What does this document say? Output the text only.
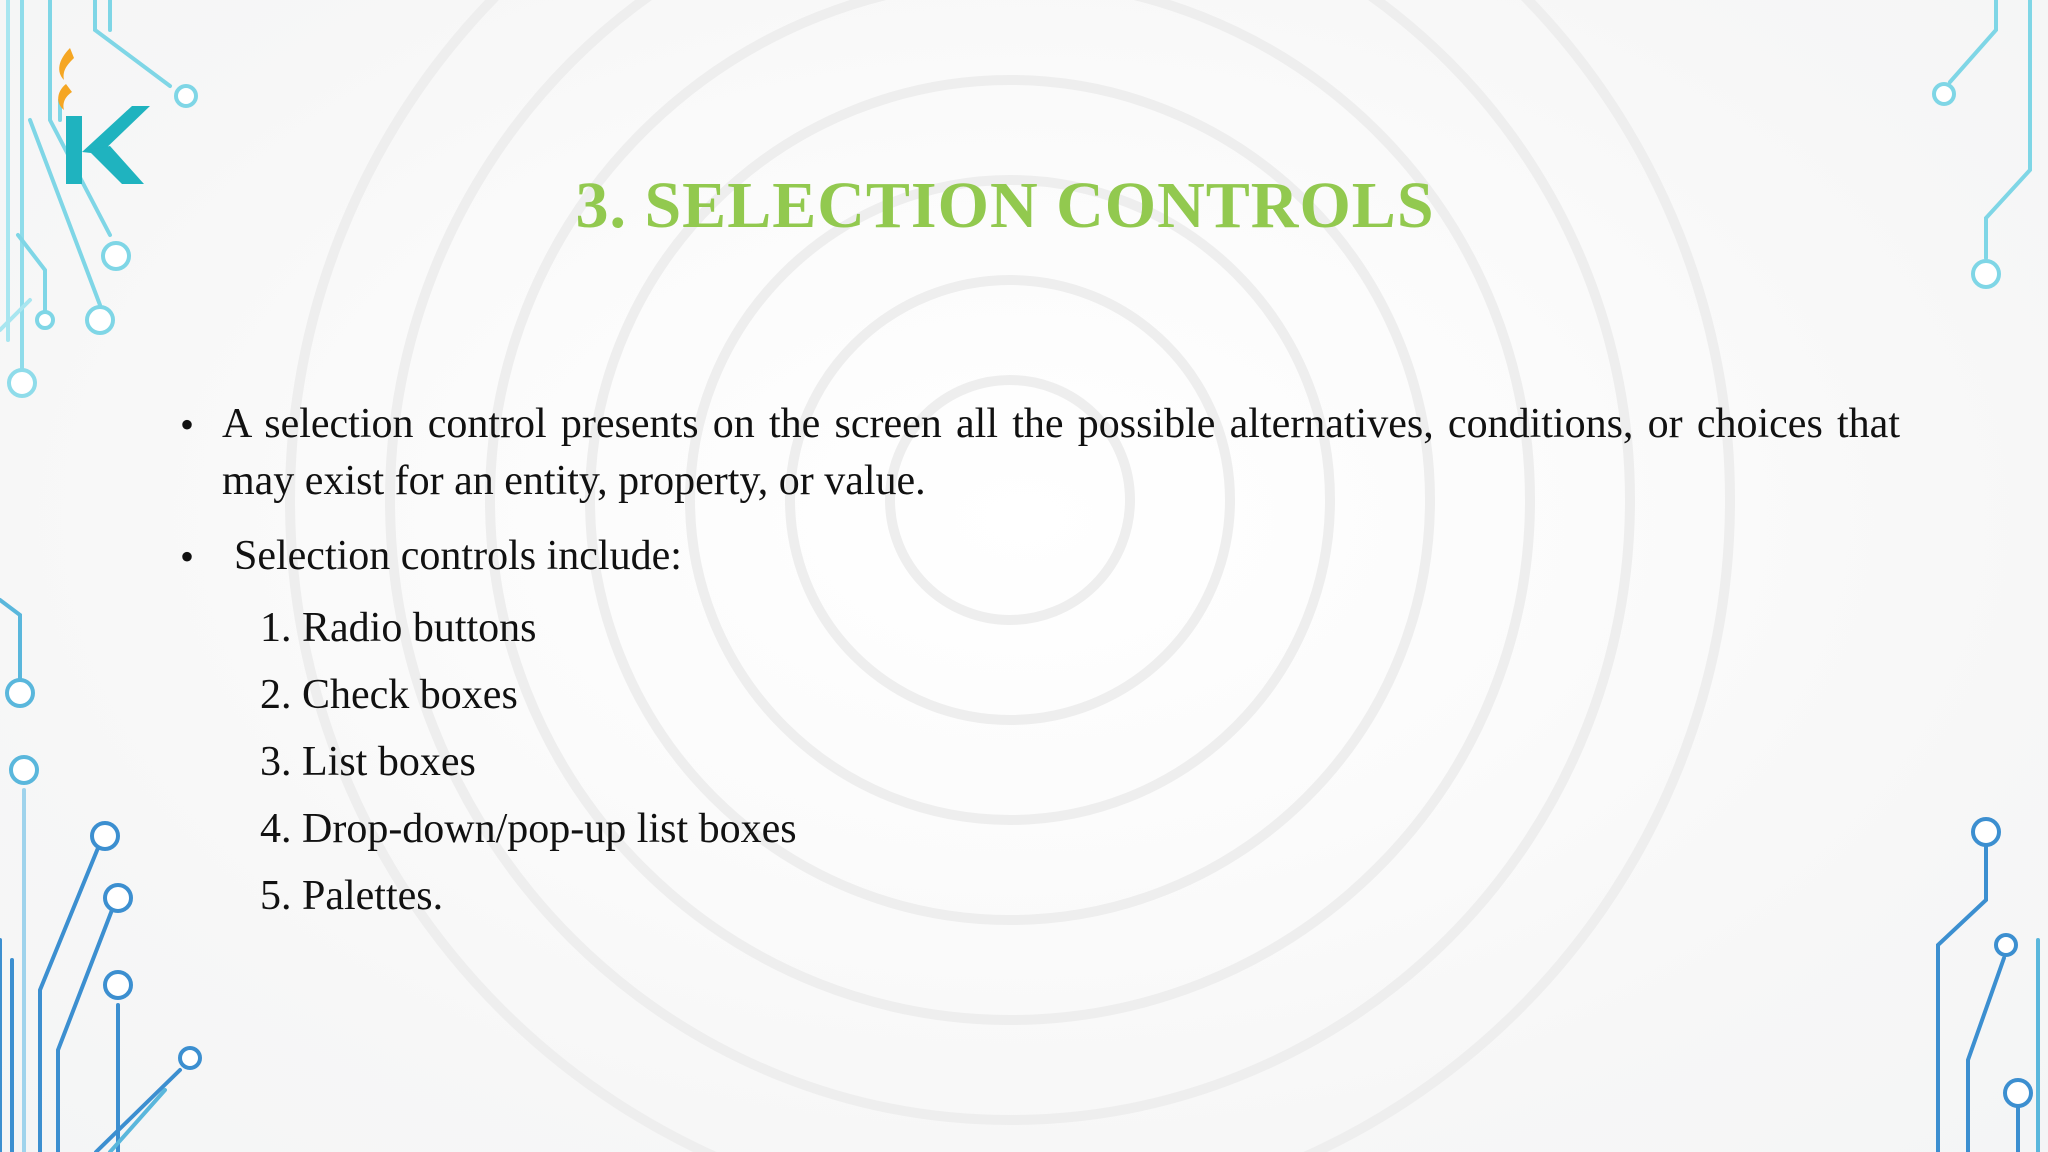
3. SELECTION CONTROLS
• A selection control presents on the screen all the possible alternatives, conditions, or choices that may exist for an entity, property, or value.
• Selection controls include:
1. Radio buttons
2. Check boxes
3. List boxes
4. Drop-down/pop-up list boxes
5. Palettes.
